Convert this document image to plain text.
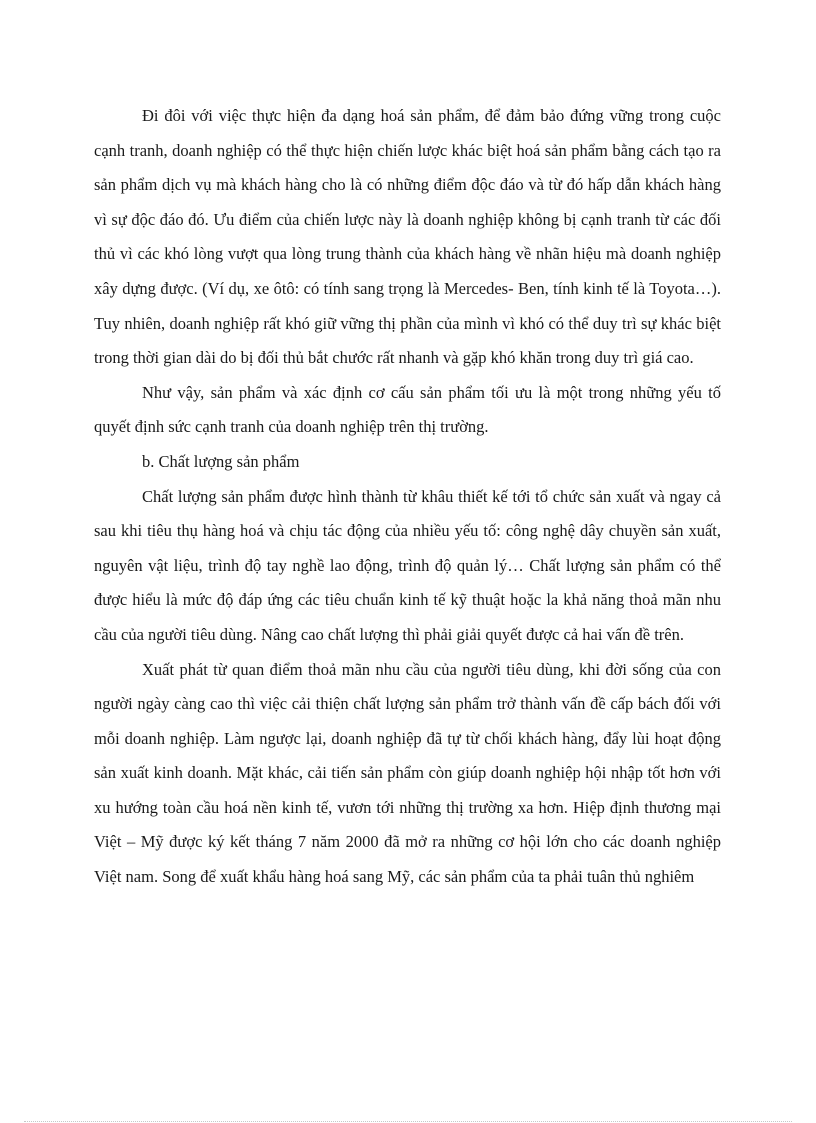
Đi đôi với việc thực hiện đa dạng hoá sản phẩm, để đảm bảo đứng vững trong cuộc cạnh tranh, doanh nghiệp có thể thực hiện chiến lược khác biệt hoá sản phẩm bằng cách tạo ra sản phẩm dịch vụ mà khách hàng cho là có những điểm độc đáo và từ đó hấp dẫn khách hàng vì sự độc đáo đó. Ưu điểm của chiến lược này là doanh nghiệp không bị cạnh tranh từ các đối thủ vì các khó lòng vượt qua lòng trung thành của khách hàng về nhãn hiệu mà doanh nghiệp xây dựng được. (Ví dụ, xe ôtô: có tính sang trọng là Mercedes- Ben, tính kinh tế là Toyota…). Tuy nhiên, doanh nghiệp rất khó giữ vững thị phần của mình vì khó có thể duy trì sự khác biệt trong thời gian dài do bị đối thủ bắt chước rất nhanh và gặp khó khăn trong duy trì giá cao.

Như vậy, sản phẩm và xác định cơ cấu sản phẩm tối ưu là một trong những yếu tố quyết định sức cạnh tranh của doanh nghiệp trên thị trường.

b. Chất lượng sản phẩm

Chất lượng sản phẩm được hình thành từ khâu thiết kế tới tổ chức sản xuất và ngay cả sau khi tiêu thụ hàng hoá và chịu tác động của nhiều yếu tố: công nghệ dây chuyền sản xuất, nguyên vật liệu, trình độ tay nghề lao động, trình độ quản lý… Chất lượng sản phẩm có thể được hiểu là mức độ đáp ứng các tiêu chuẩn kinh tế kỹ thuật hoặc la khả năng thoả mãn nhu cầu của người tiêu dùng. Nâng cao chất lượng thì phải giải quyết được cả hai vấn đề trên.

Xuất phát từ quan điểm thoả mãn nhu cầu của người tiêu dùng, khi đời sống của con người ngày càng cao thì việc cải thiện chất lượng sản phẩm trở thành vấn đề cấp bách đối với mỗi doanh nghiệp. Làm ngược lại, doanh nghiệp đã tự từ chối khách hàng, đẩy lùi hoạt động sản xuất kinh doanh. Mặt khác, cải tiến sản phẩm còn giúp doanh nghiệp hội nhập tốt hơn với xu hướng toàn cầu hoá nền kinh tế, vươn tới những thị trường xa hơn. Hiệp định thương mại Việt – Mỹ được ký kết tháng 7 năm 2000 đã mở ra những cơ hội lớn cho các doanh nghiệp Việt nam. Song để xuất khẩu hàng hoá sang Mỹ, các sản phẩm của ta phải tuân thủ nghiêm
